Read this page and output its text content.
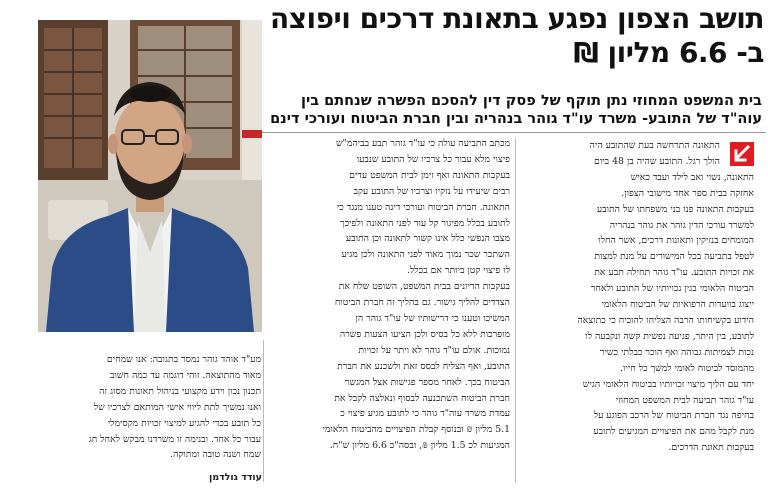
תושב הצפון נפגע בתאונת דרכים ויפוצה
ב- 6.6 מליון ₪
בית המשפט המחוזי נתן תוקף של פסק דין להסכם הפשרה שנחתם בין
עוה"ד של התובע- משרד עו"ד גוהר בנהריה ובין חברת הביטוח ועורכי דינם
התאונה התרחשה בעת שהתובע היה
הולך רגל. התובע שהיה בן 48 ביום
התאונה, נשוי ואב לילד ועבד כאיש
אחזקה בבית ספר אחד מישובי הצפון.
בעקבות התאונה פנו בני משפחתו של התובע
למשרד עורכי הדין גוהר את גוהר בנהריה
המומחים בנזיקין ותאונות דרכים, אשר החלו
לטפל בתביעה בכל המישורים על מנת למצות
את זכויות התובע. עו"ד גוהר תחילה תבע את
הביטוח הלאומי בגין נכויותיו של התובע ולאחר
ייצוג בוועדות הרפואיות של הביטוח הלאומי
הידוע בקשיחותו הרבה הצליחו להוכיח כי כתוצאה
לתובע, בין היתר, פגיעה נפשית קשה ונקבעה לו
נכות לצמיתות גבוהה ואף הוכר כבלתי כשיר
מהמוסד לביטוח לאומי למשך כל חייו.
יחד עם הליך מיצוי זכויותיו בביטוח הלאומי הגיש
עו"ד גוהר תביעה לבית המשפט המחוזי
בחיפה נגד חברת הביטוח של הרכב הפוגע על
מנת לקבל מהם את הפיצויים המגיעים לתובע
בעקבות תאונת הדרכים.
מכתב התביעה עולה כי עו"ד גוהר תבע בביהמ"ש
פיצוי מלא עבור כל צרכיו של התובע שנבעו
בעקבות התאונה ואף זימן לבית המשפט עדים
רבים שיעידו על נזקיו וצרכיו של התובע עקב
התאונה. חברת הביטוח ועורכי דינה טענו מנגד כי
לתובע בכלל מפיגור קל עוד לפני התאונה ולפיכך
מצבו הנפשי כלל אינו קשור לתאונה וכן התובע
השתכר שכר נמוך מאוד לפני התאונה ולכן מגיע
לו פיצוי קטן ביותר אם בכלל.
בעקבות הדיונים בבית המשפט, השופט שלח את
הצדדים להליך גישור. גם בהליך זה חברת הביטוח
המשיכו וטענו כי דרישותיו של עו"ד גוהר הן
מופרכות ללא כל בסיס ולכן הציעו הצעות פשרה
נמוכות. אולם עו"ד גוהר לא ויתר על זכויות
התובע, ואף הצליח לבסס זאת ולשכנע את חברת
הביטוח בכך. לאחר מספר פגישות אצל המגשר
חברת הביטוח השתכנעה לבסוף ונאלצה לקבל את
עמדת משרד עוה"ד גוהר כי לתובע מגיע פיצוי כ
5.1 מליון ₪ ובנוסף קבלת הפיצויים מהביטוח הלאומי
המגיעות לכ 1.5 מליון ₪, ובסה"כ 6.6 מליון ש"ח.
מע"ד אוהד גוהר נמסר בתגובה: אנו שמחים
מאוד מהתוצאה. זוהי דוגמה עד כמה חשוב
תכנון נכון וידע מקצועי בניהול תאונות מסוג זה
ואנו נמשיך לתת ליווי אישי המותאם לצרכיו של
כל תובע בכדי להגיע למיצוי זכויות מקסימלי
עבור כל אחד. ובנימה זו משרדנו מבקש לאחל חג
שמח ושנה טובה ומתוקה.
עודד גולדמן
